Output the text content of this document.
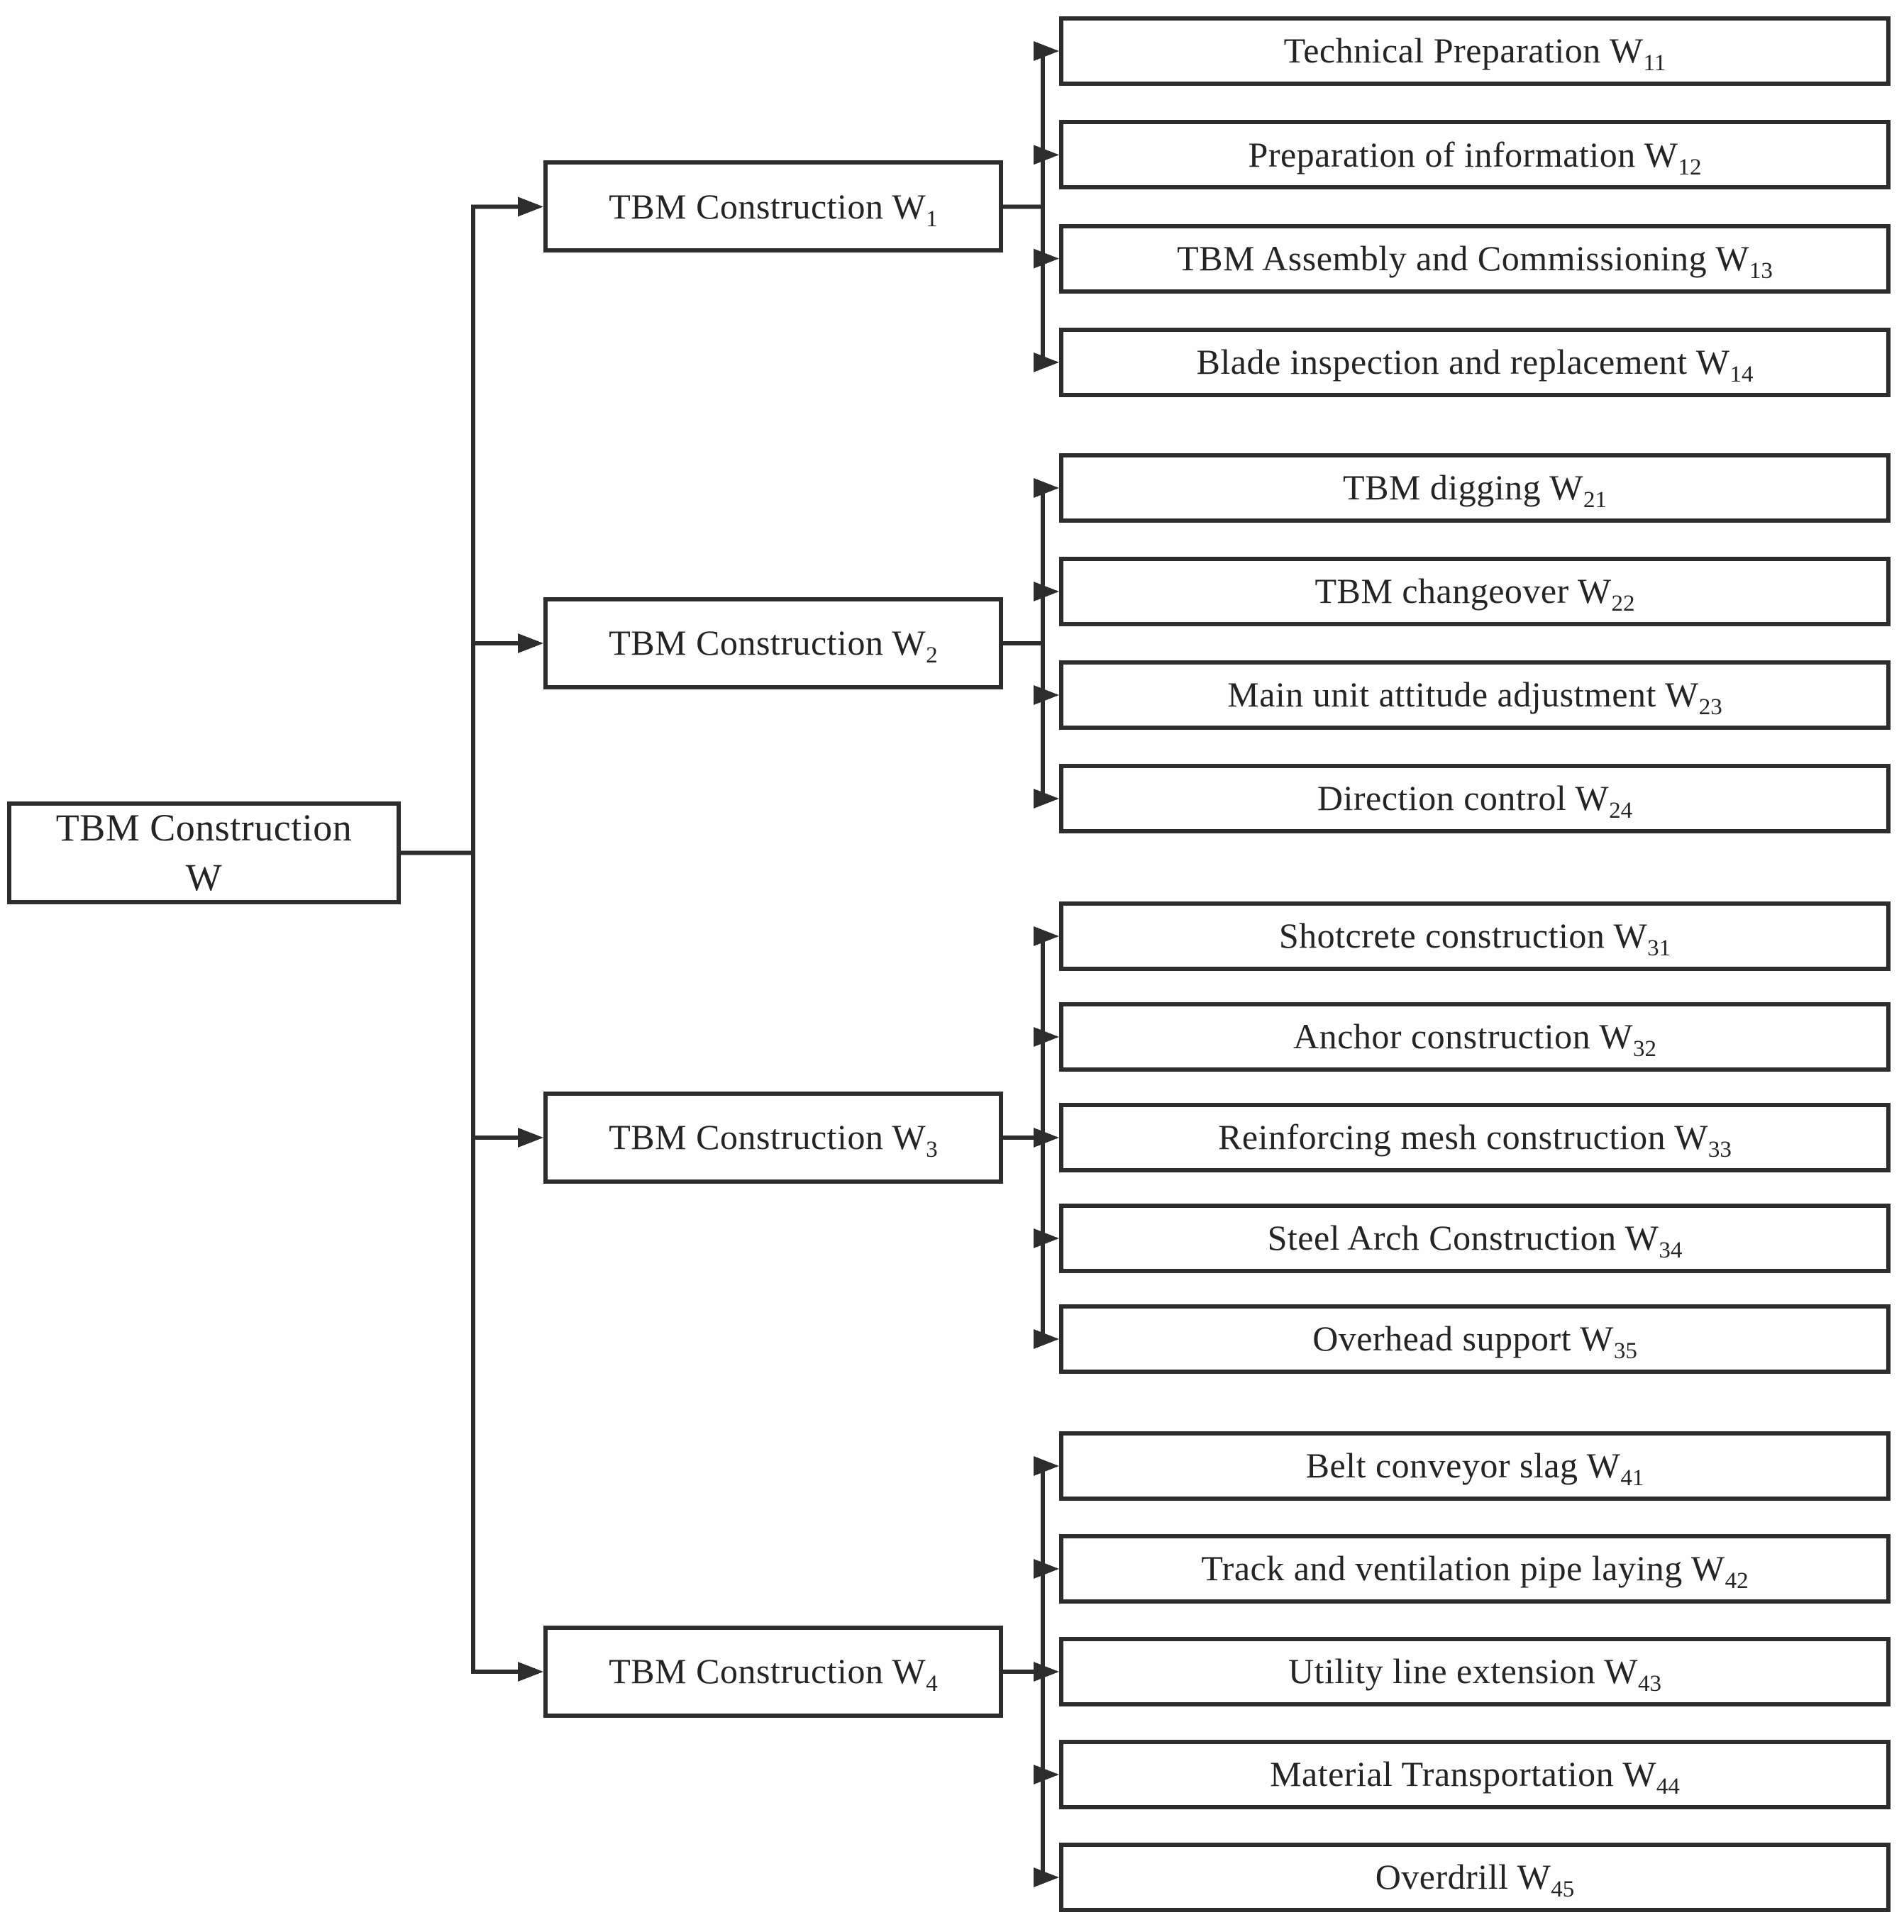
TBM Construction W
TBM Construction $W_1$
Technical Preparation $W_{11}$
Preparation of information $W_{12}$
TBM Assembly and Commissioning $W_{13}$
Blade inspection and replacement $W_{14}$
TBM Construction $W_2$
TBM digging $W_{21}$
TBM changeover $W_{22}$
Main unit attitude adjustment $W_{23}$
Direction control $W_{24}$
TBM Construction $W_3$
Shotcrete construction $W_{31}$
Anchor construction $W_{32}$
Reinforcing mesh construction $W_{33}$
Steel Arch Construction $W_{34}$
Overhead support $W_{35}$
TBM Construction $W_4$
Belt conveyor slag $W_{41}$
Track and ventilation pipe laying $W_{42}$
Utility line extension $W_{43}$
Material Transportation $W_{44}$
Overdrill $W_{45}$
